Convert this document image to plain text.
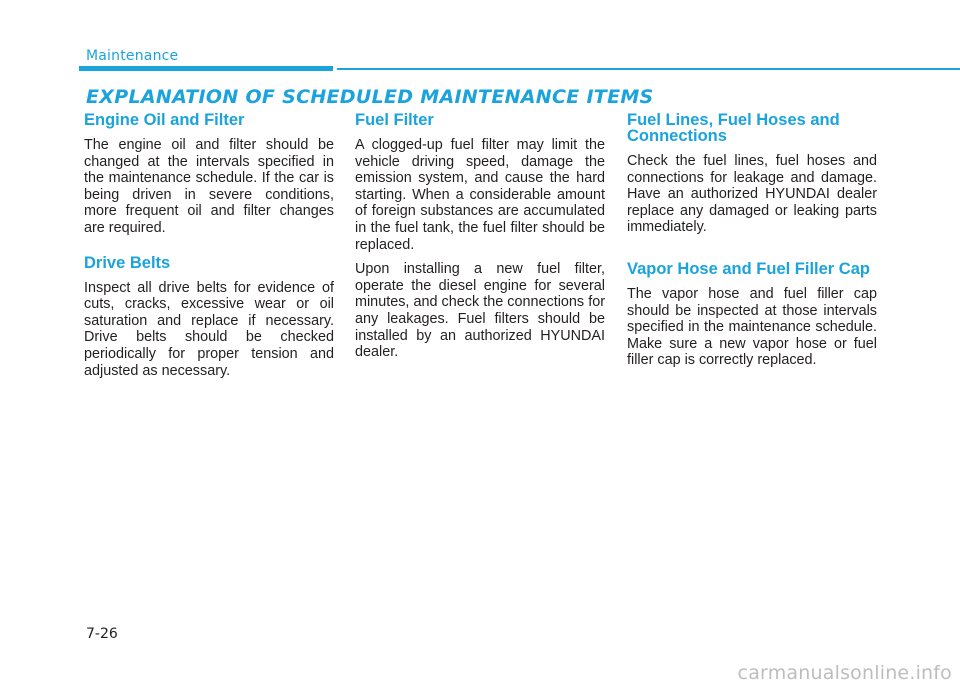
Maintenance
EXPLANATION OF SCHEDULED MAINTENANCE ITEMS
Engine Oil and Filter

The engine oil and filter should be changed at the intervals specified in the maintenance schedule. If the car is being driven in severe conditions, more frequent oil and filter changes are required.

Drive Belts

Inspect all drive belts for evidence of cuts, cracks, excessive wear or oil saturation and replace if necessary. Drive belts should be checked periodically for proper tension and adjusted as necessary.

Fuel Filter

A clogged-up fuel filter may limit the vehicle driving speed, damage the emission system, and cause the hard starting. When a considerable amount of foreign substances are accumulated in the fuel tank, the fuel filter should be replaced.

Upon installing a new fuel filter, operate the diesel engine for several minutes, and check the connections for any leakages. Fuel filters should be installed by an authorized HYUNDAI dealer.

Fuel Lines, Fuel Hoses and Connections

Check the fuel lines, fuel hoses and connections for leakage and damage. Have an authorized HYUNDAI dealer replace any damaged or leaking parts immediately.

Vapor Hose and Fuel Filler Cap

The vapor hose and fuel filler cap should be inspected at those intervals specified in the maintenance schedule. Make sure a new vapor hose or fuel filler cap is correctly replaced.

7-26
carmanualsonline.info
